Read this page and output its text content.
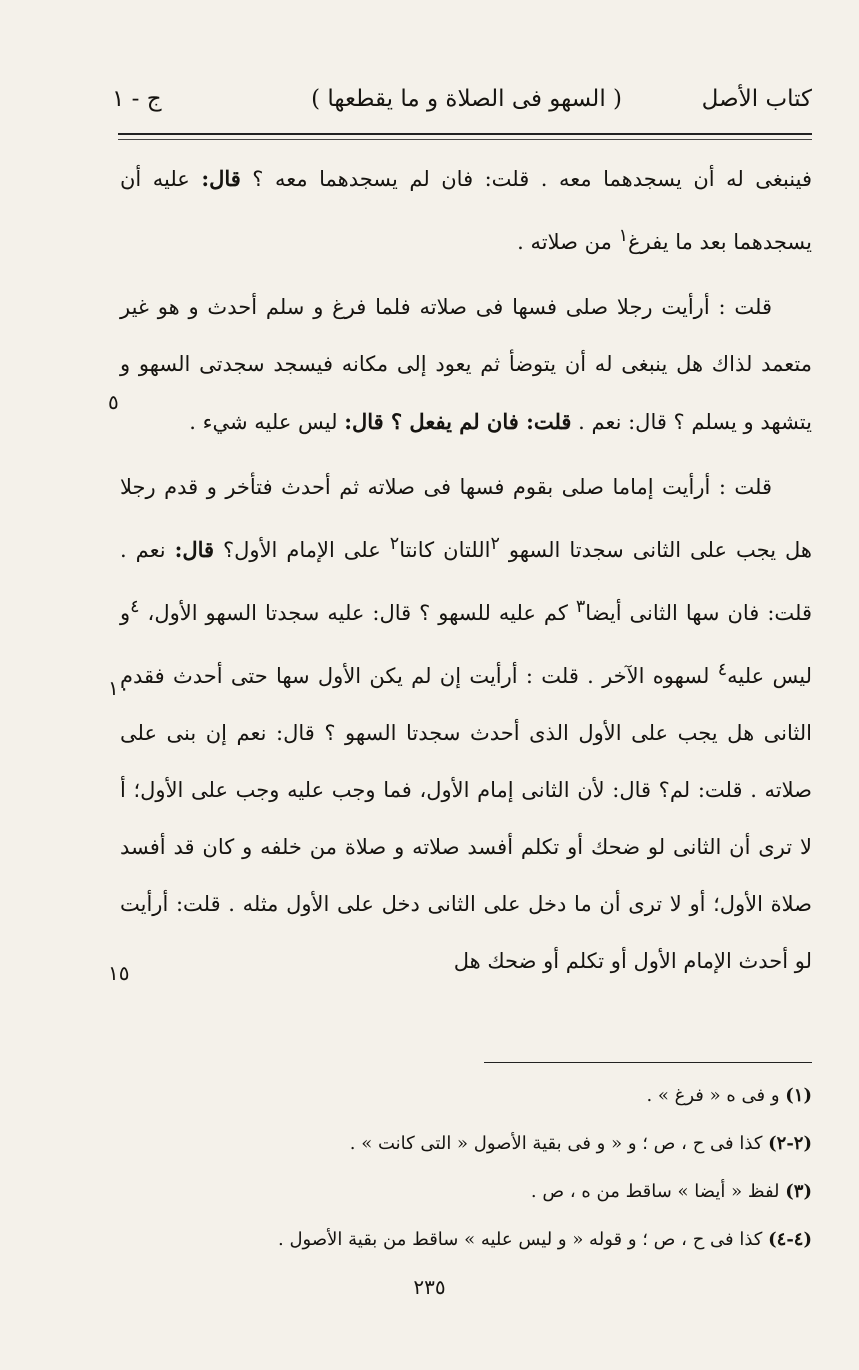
كتاب الأصل
( السهو فى الصلاة و ما يقطعها )
ج - ١

فينبغى له أن يسجدهما معه . قلت: فان لم يسجدهما معه ؟ قال: عليه أن يسجدهما بعد ما يفرغ$^١$ من صلاته .

قلت : أرأيت رجلا صلى فسها فى صلاته فلما فرغ و سلم أحدث و هو غير متعمد لذاك هل ينبغى له أن يتوضأ ثم يعود إلى مكانه فيسجد سجدتى السهو و يتشهد و يسلم ؟ قال: نعم . قلت: فان لم يفعل ؟ قال: ليس عليه شيء .

قلت : أرأيت إماما صلى بقوم فسها فى صلاته ثم أحدث فتأخر و قدم رجلا هل يجب على الثانى سجدتا السهو $^٢$اللتان كانتا$^٢$ على الإمام الأول؟ قال: نعم . قلت: فان سها الثانى أيضا$^٣$ كم عليه للسهو ؟ قال: عليه سجدتا السهو الأول، $^٤$و ليس عليه$^٤$ لسهوه الآخر . قلت : أرأيت إن لم يكن الأول سها حتى أحدث فقدم الثانى هل يجب على الأول الذى أحدث سجدتا السهو ؟ قال: نعم إن بنى على صلاته . قلت: لم؟ قال: لأن الثانى إمام الأول، فما وجب عليه وجب على الأول؛ أ لا ترى أن الثانى لو ضحك أو تكلم أفسد صلاته و صلاة من خلفه و كان قد أفسد صلاة الأول؛ أو لا ترى أن ما دخل على الثانى دخل على الأول مثله . قلت: أرأيت لو أحدث الإمام الأول أو تكلم أو ضحك هل

٥
١٠
١٥
(١) و فى ه « فرغ » .
(٢-٢) كذا فى ح ، ص ؛ و « و فى بقية الأصول « التى كانت » .
(٣) لفظ « أيضا » ساقط من ه ، ص .
(٤-٤) كذا فى ح ، ص ؛ و قوله « و ليس عليه » ساقط من بقية الأصول .
٢٣٥
